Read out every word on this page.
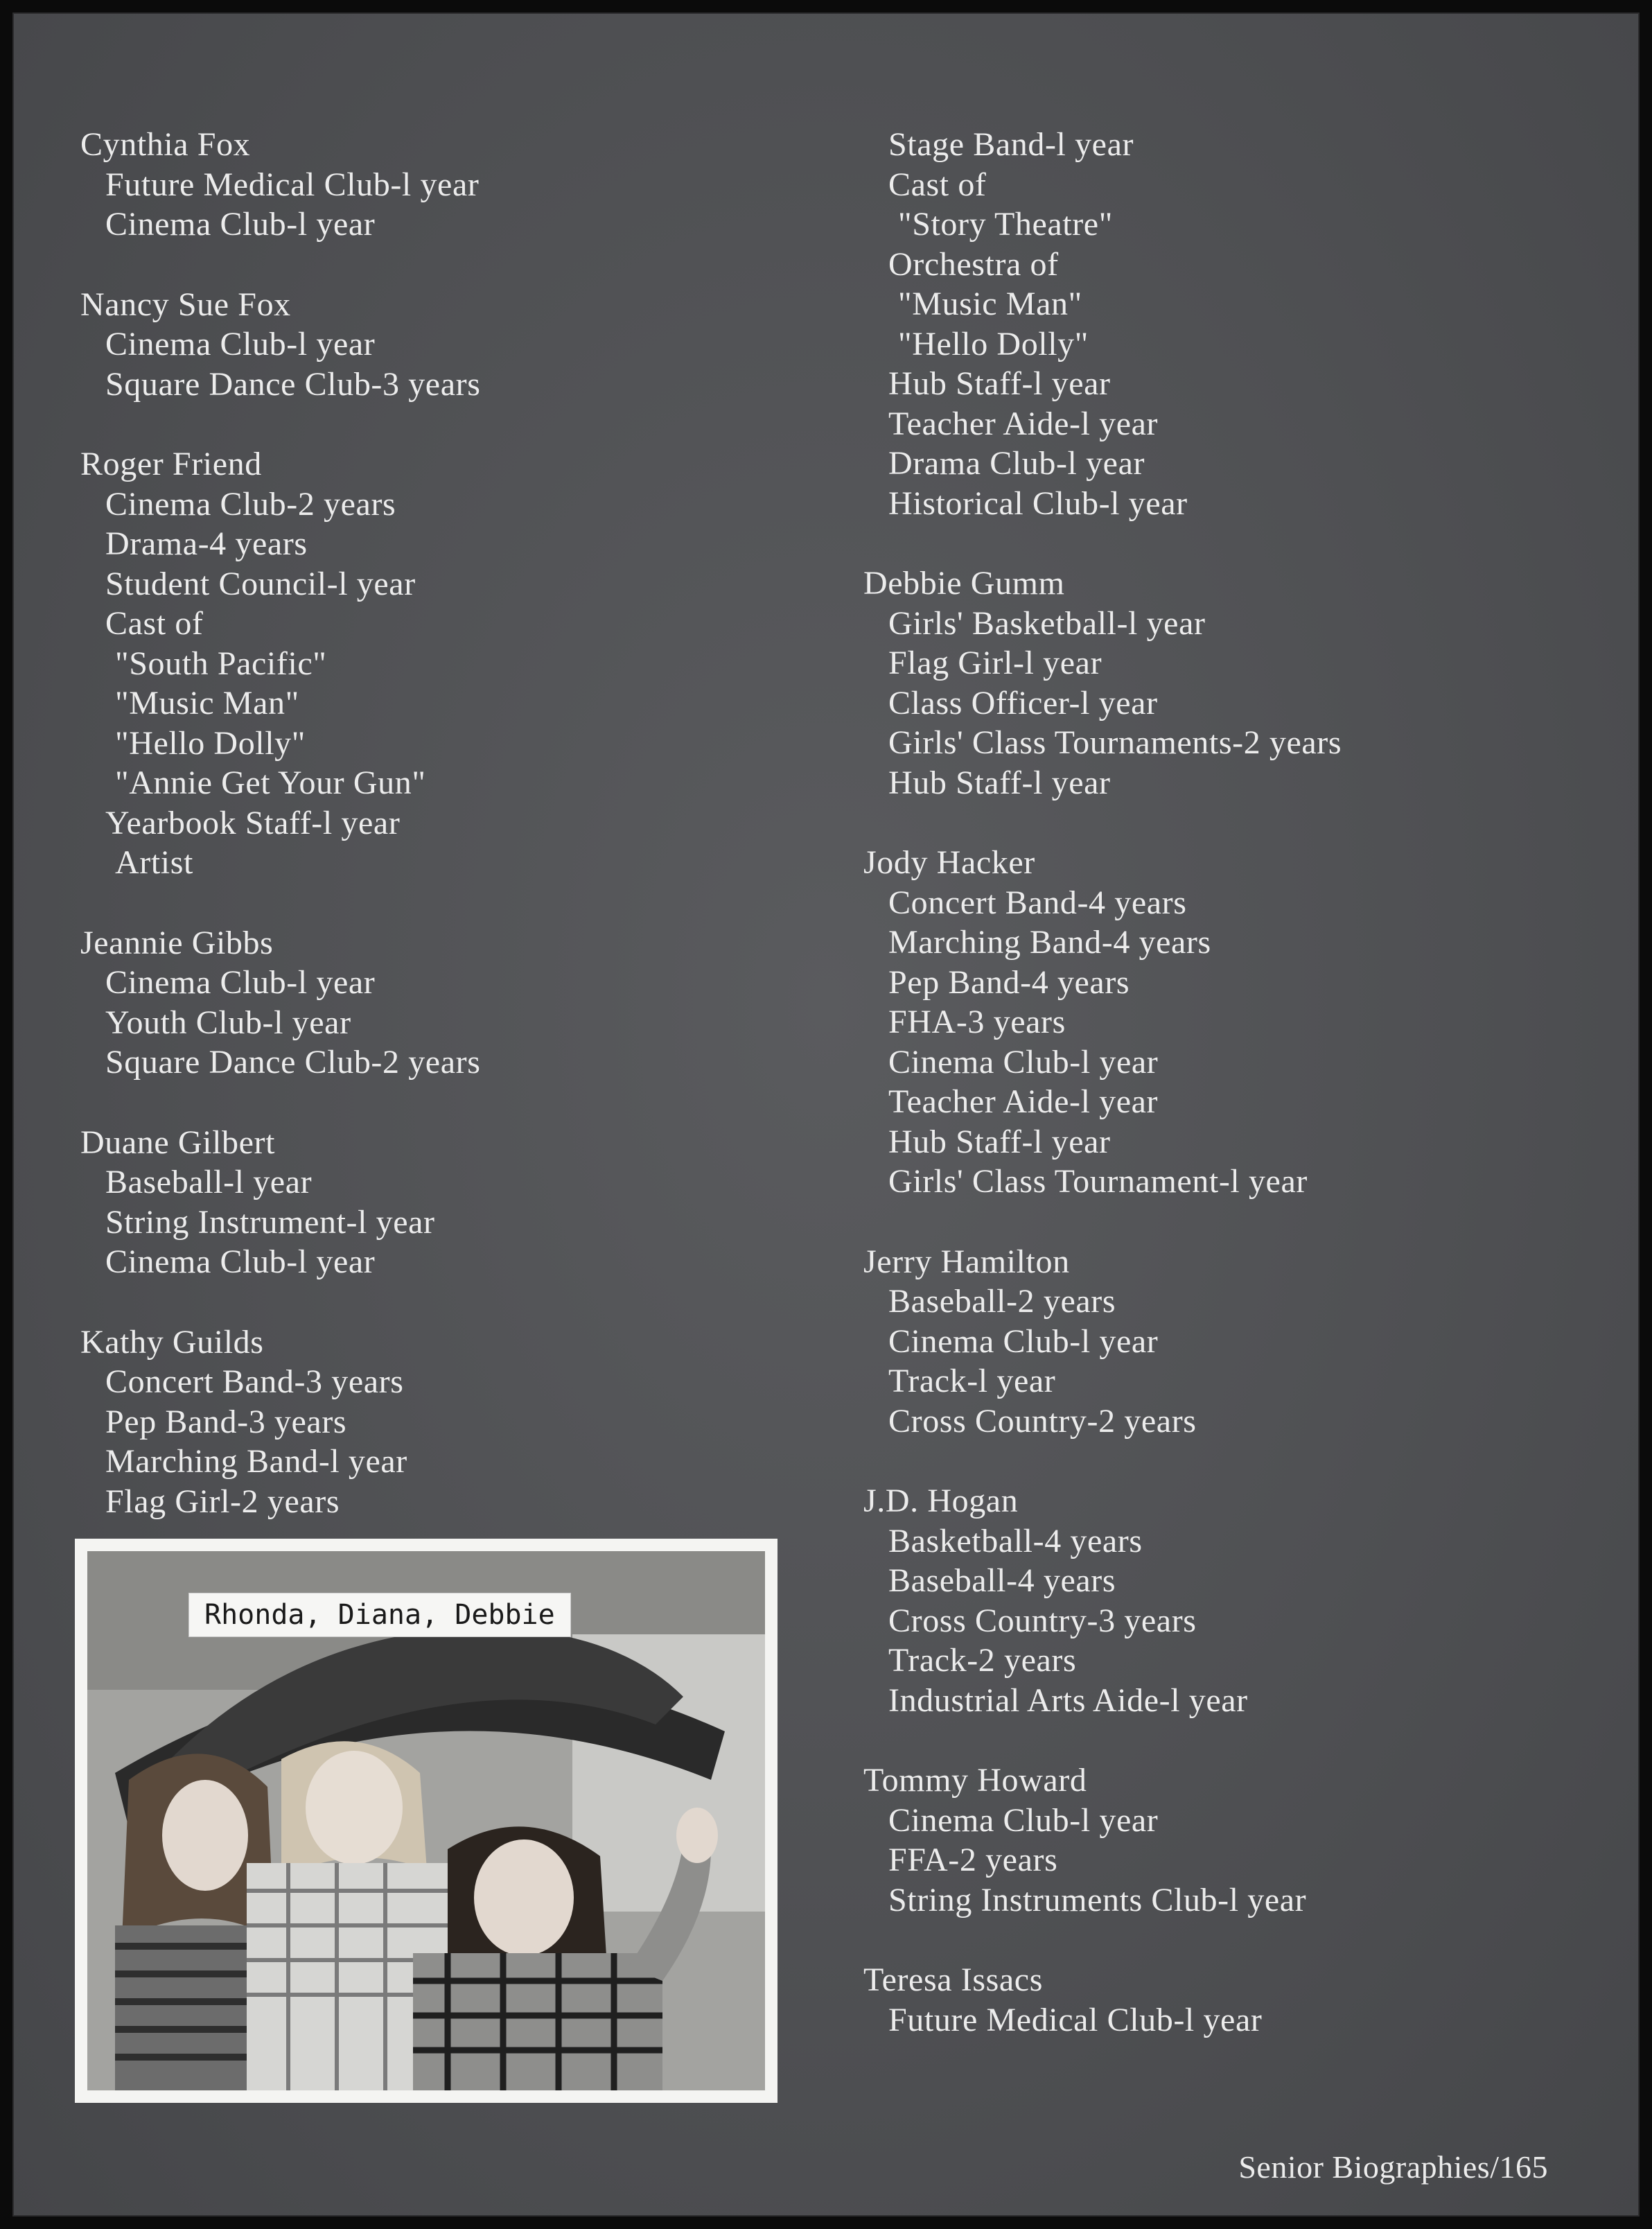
Cynthia Fox
Future Medical Club-l year
Cinema Club-l year
Nancy Sue Fox
Cinema Club-l year
Square Dance Club-3 years
Roger Friend
Cinema Club-2 years
Drama-4 years
Student Council-l year
Cast of
"South Pacific"
"Music Man"
"Hello Dolly"
"Annie Get Your Gun"
Yearbook Staff-l year
Artist
Jeannie Gibbs
Cinema Club-l year
Youth Club-l year
Square Dance Club-2 years
Duane Gilbert
Baseball-l year
String Instrument-l year
Cinema Club-l year
Kathy Guilds
Concert Band-3 years
Pep Band-3 years
Marching Band-l year
Flag Girl-2 years
Stage Band-l year
Cast of
"Story Theatre"
Orchestra of
"Music Man"
"Hello Dolly"
Hub Staff-l year
Teacher Aide-l year
Drama Club-l year
Historical Club-l year
Debbie Gumm
Girls' Basketball-l year
Flag Girl-l year
Class Officer-l year
Girls' Class Tournaments-2 years
Hub Staff-l year
Jody Hacker
Concert Band-4 years
Marching Band-4 years
Pep Band-4 years
FHA-3 years
Cinema Club-l year
Teacher Aide-l year
Hub Staff-l year
Girls' Class Tournament-l year
Jerry Hamilton
Baseball-2 years
Cinema Club-l year
Track-l year
Cross Country-2 years
J.D. Hogan
Basketball-4 years
Baseball-4 years
Cross Country-3 years
Track-2 years
Industrial Arts Aide-l year
Tommy Howard
Cinema Club-l year
FFA-2 years
String Instruments Club-l year
Teresa Issacs
Future Medical Club-l year
Rhonda, Diana, Debbie
Senior Biographies/165
